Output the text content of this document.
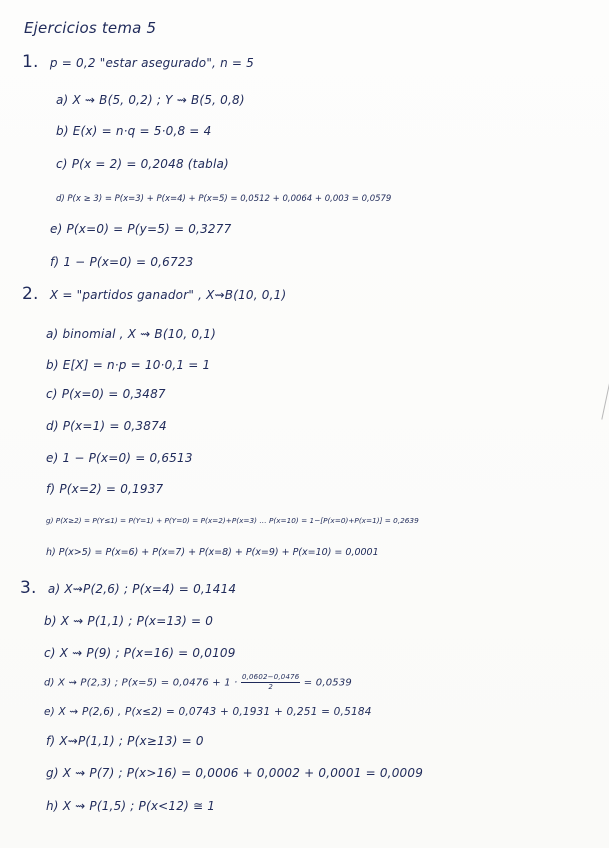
Ejercicios tema 5
1. p = 0,2 "estar asegurado", n = 5
a) X ⇝ B(5, 0,2) ; Y ⇝ B(5, 0,8)
b) E(x) = n·q = 5·0,8 = 4
c) P(x = 2) = 0,2048 (tabla)
d) P(x ≥ 3) = P(x=3) + P(x=4) + P(x=5) = 0,0512 + 0,0064 + 0,003 = 0,0579
e) P(x=0) = P(y=5) = 0,3277
f) 1 − P(x=0) = 0,6723
2. X = "partidos ganador" , X⇝B(10, 0,1)
a) binomial , X ⇝ B(10, 0,1)
b) E[X] = n·p = 10·0,1 = 1
c) P(x=0) = 0,3487
d) P(x=1) = 0,3874
e) 1 − P(x=0) = 0,6513
f) P(x=2) = 0,1937
g) P(X≥2) = P(Y≤1) = P(Y=1) + P(Y=0) = P(x=2)+P(x=3) … P(x=10) = 1−[P(x=0)+P(x=1)] = 0,2639
h) P(x>5) = P(x=6) + P(x=7) + P(x=8) + P(x=9) + P(x=10) = 0,0001
3. a) X⇝P(2,6) ; P(x=4) = 0,1414
b) X ⇝ P(1,1) ; P(x=13) = 0
c) X ⇝ P(9) ; P(x=16) = 0,0109
d) X ⇝ P(2,3) ; $P(x=5) = 0,0476 + 1 \cdot \frac{0,0602-0,0476}{2} = 0,0539$
e) X ⇝ P(2,6) , P(x≤2) = 0,0743 + 0,1931 + 0,251 = 0,5184
f) X⇝P(1,1) ; P(x≥13) = 0
g) X ⇝ P(7) ; P(x>16) = 0,0006 + 0,0002 + 0,0001 = 0,0009
h) X ⇝ P(1,5) ; P(x<12) ≅ 1
